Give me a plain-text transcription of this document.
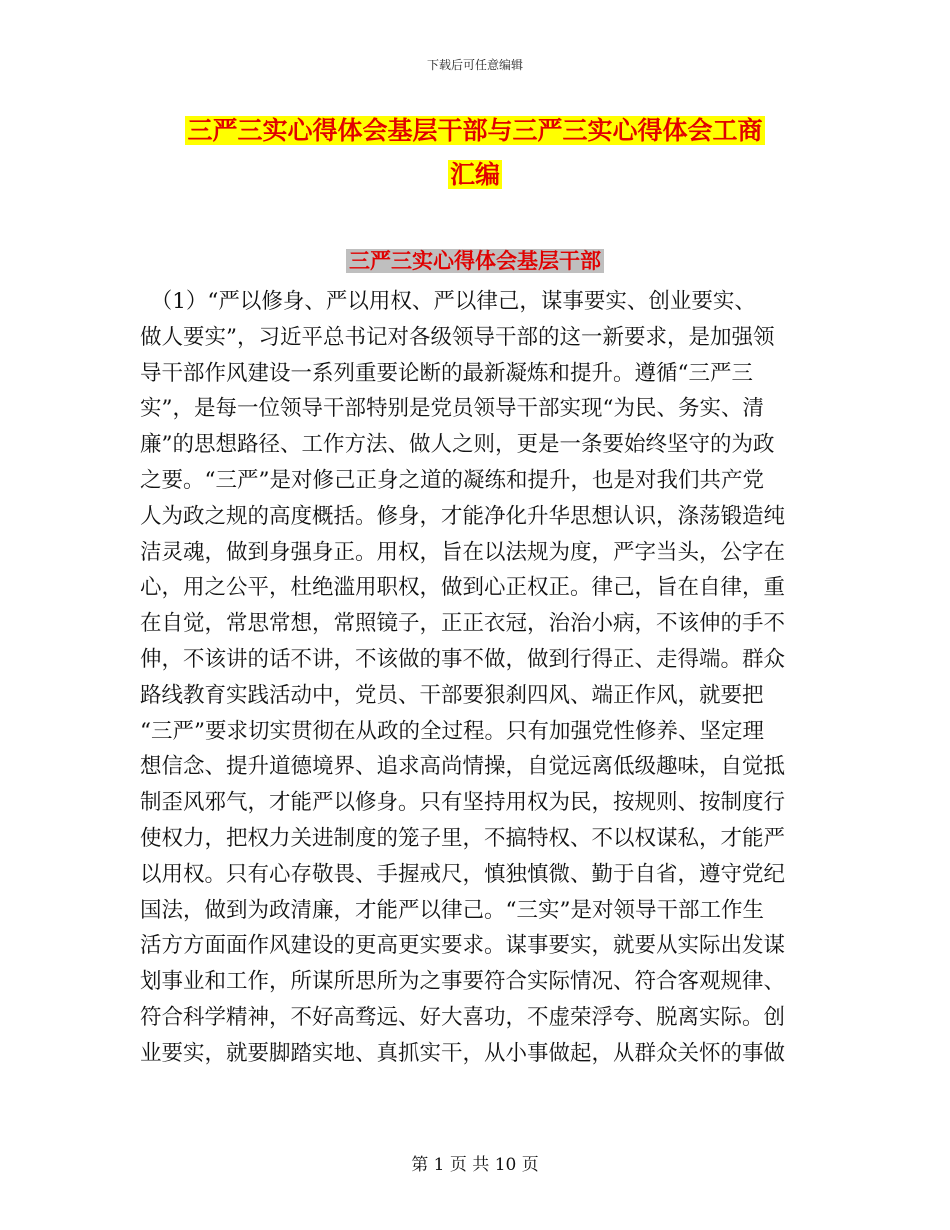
下载后可任意编辑
三严三实心得体会基层干部与三严三实心得体会工商
汇编
三严三实心得体会基层干部
　（1）“严以修身、严以用权、严以律己，谋事要实、创业要实、
做人要实”，习近平总书记对各级领导干部的这一新要求，是加强领
导干部作风建设一系列重要论断的最新凝炼和提升。遵循“三严三
实”，是每一位领导干部特别是党员领导干部实现“为民、务实、清
廉”的思想路径、工作方法、做人之则，更是一条要始终坚守的为政
之要。“三严”是对修己正身之道的凝练和提升，也是对我们共产党
人为政之规的高度概括。修身，才能净化升华思想认识，涤荡锻造纯
洁灵魂，做到身强身正。用权，旨在以法规为度，严字当头，公字在
心，用之公平，杜绝滥用职权，做到心正权正。律己，旨在自律，重
在自觉，常思常想，常照镜子，正正衣冠，治治小病，不该伸的手不
伸，不该讲的话不讲，不该做的事不做，做到行得正、走得端。群众
路线教育实践活动中，党员、干部要狠刹四风、端正作风，就要把
“三严”要求切实贯彻在从政的全过程。只有加强党性修养、坚定理
想信念、提升道德境界、追求高尚情操，自觉远离低级趣味，自觉抵
制歪风邪气，才能严以修身。只有坚持用权为民，按规则、按制度行
使权力，把权力关进制度的笼子里，不搞特权、不以权谋私，才能严
以用权。只有心存敬畏、手握戒尺，慎独慎微、勤于自省，遵守党纪
国法，做到为政清廉，才能严以律己。“三实”是对领导干部工作生
活方方面面作风建设的更高更实要求。谋事要实，就要从实际出发谋
划事业和工作，所谋所思所为之事要符合实际情况、符合客观规律、
符合科学精神，不好高骛远、好大喜功，不虚荣浮夸、脱离实际。创
业要实，就要脚踏实地、真抓实干，从小事做起，从群众关怀的事做
第 1 页 共 10 页
